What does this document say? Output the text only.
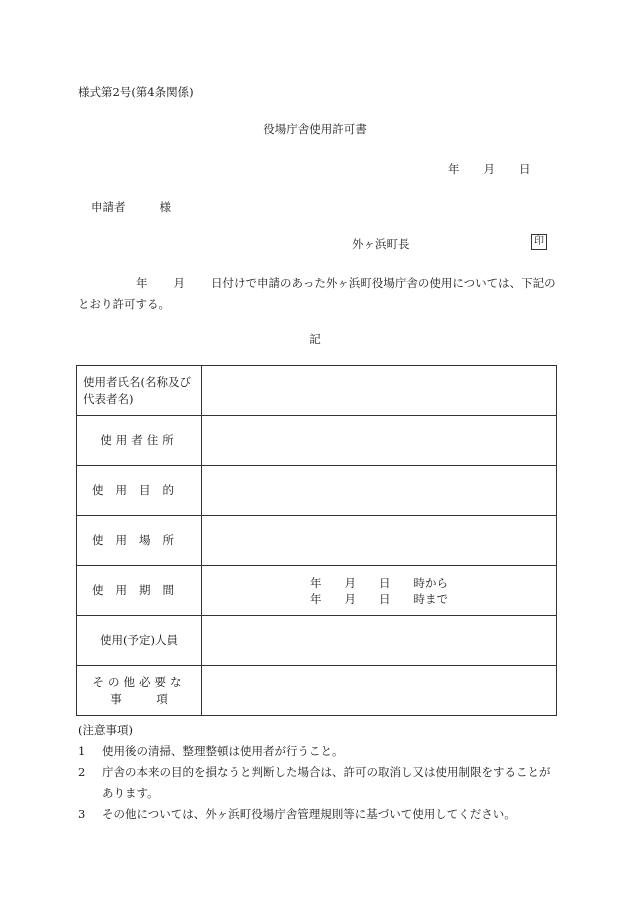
様式第2号(第4条関係)
役場庁舎使用許可書
年 月 日
申請者	様
外ヶ浜町長	印
年 月 日付けで申請のあった外ヶ浜町役場庁舎の使用については、下記のとおり許可する。
記
使用者氏名(名称及び代表者名)	
使用者住所	
使用目的	
使用場所	
使用期間	年　　月　　日　　時から
年　　月　　日　　時まで

使用(予定)人員	

その他必要な
事　　　項	

(注意事項)
1	使用後の清掃、整理整頓は使用者が行うこと。
2	庁舎の本来の目的を損なうと判断した場合は、許可の取消し又は使用制限をすることがあります。
3	その他については、外ヶ浜町役場庁舎管理規則等に基づいて使用してください。
